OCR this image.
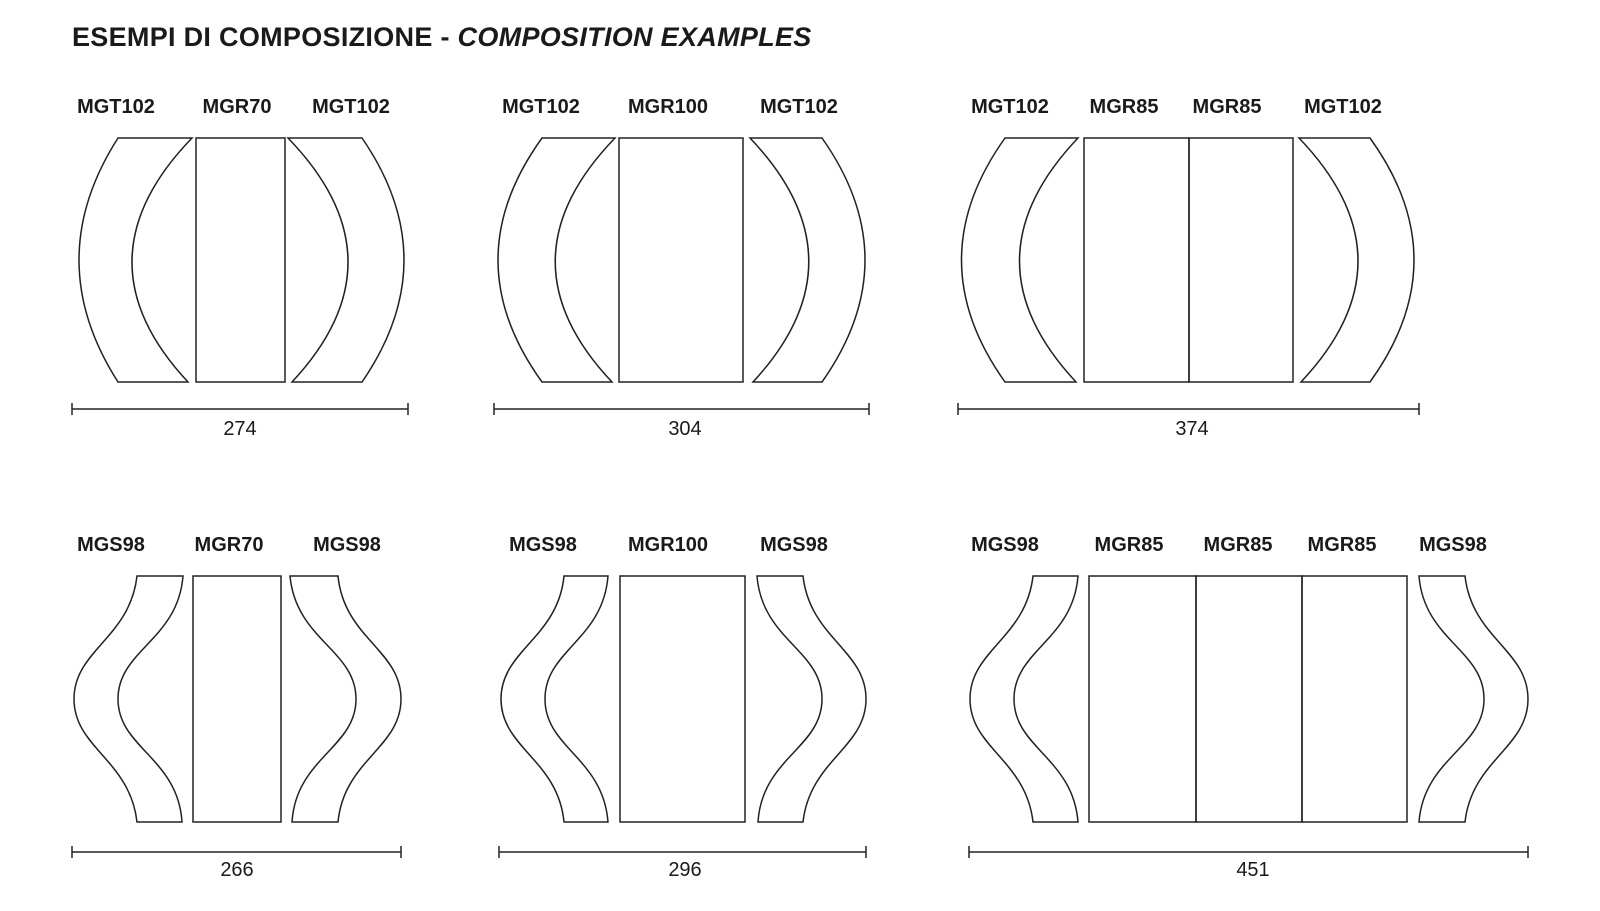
ESEMPI DI COMPOSIZIONE - COMPOSITION EXAMPLES
MGT102 MGR70 MGT102
274
MGT102 MGR100	MGT102
304
MGT102 MGR85 MGR85 MGT102
374
MGS98 MGR70 MGS98
266
MGS98	MGR100	MGS98
296
MGS98	MGR85 MGR85 MGR85 MGS98
451
